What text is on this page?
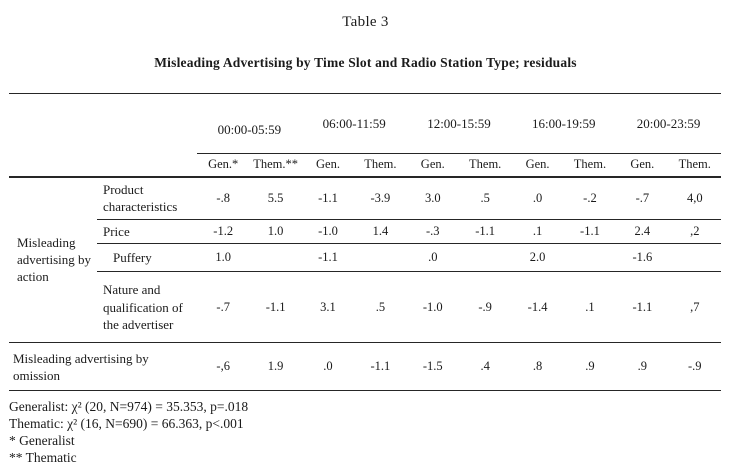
Table 3
Misleading Advertising by Time Slot and Radio Station Type; residuals
		00:00-05:59		06:00-11:59		12:00-15:59		16:00-19:59		20:00-23:59	
		Gen.*	Them.**	Gen.	Them.	Gen.	Them.	Gen.	Them.	Gen.	Them.
Misleading advertising by action	Product characteristics	-.8	5.5	-1.1	-3.9	3.0	.5	.0	-.2	-.7	4,0
	Price	-1.2	1.0	-1.0	1.4	-.3	-1.1	.1	-1.1	2.4	,2
	Puffery	1.0		-1.1		.0		2.0		-1.6	
	Nature and qualification of the advertiser	-.7	-1.1	3.1	.5	-1.0	-.9	-1.4	.1	-1.1	,7
Misleading advertising by omission		-,6	1.9	.0	-1.1	-1.5	.4	.8	.9	.9	-.9
Generalist: χ² (20, N=974) = 35.353, p=.018
Thematic: χ² (16, N=690) = 66.363, p<.001
* Generalist
** Thematic
